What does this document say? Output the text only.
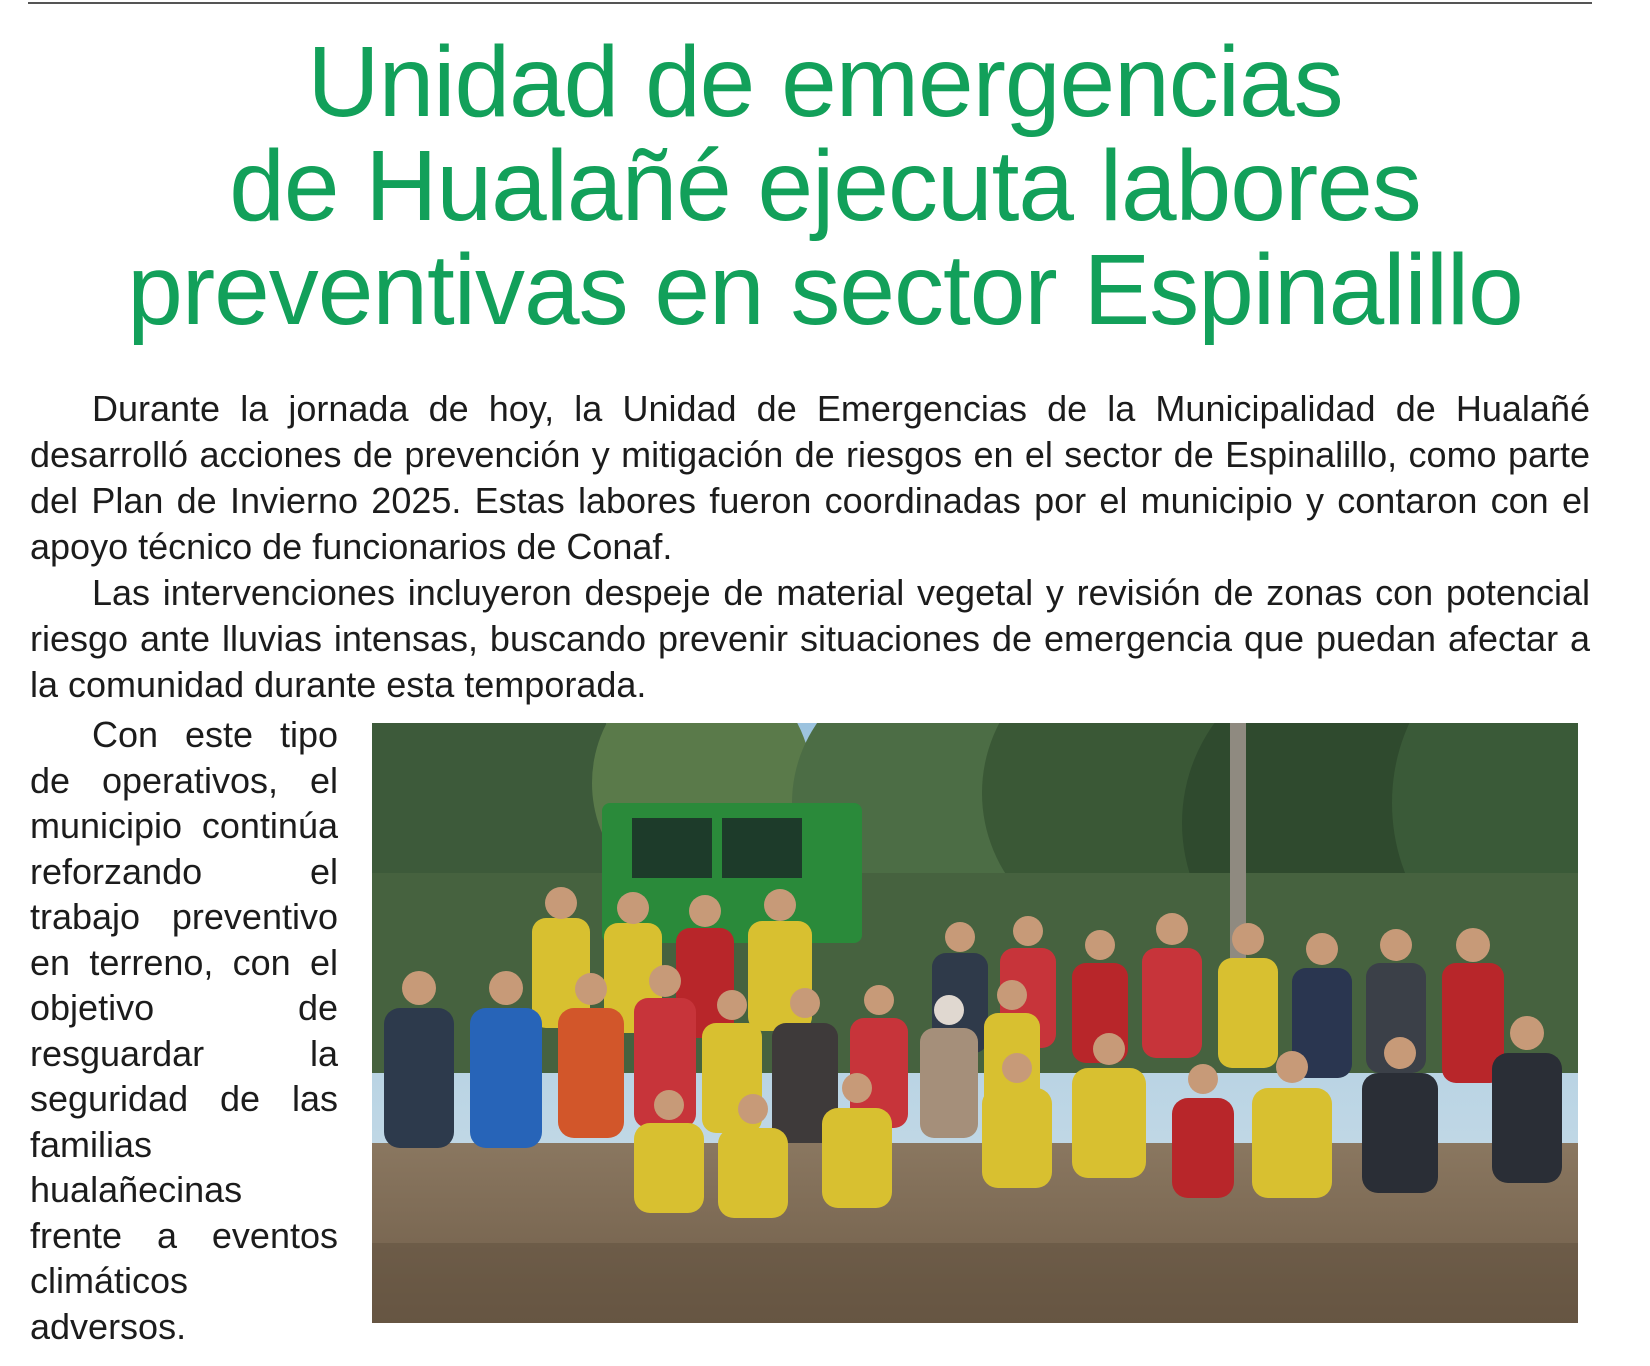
Unidad de emergencias
de Hualañé ejecuta labores
preventivas en sector Espinalillo

Durante la jornada de hoy, la Unidad de Emergencias de la Municipalidad de Hualañé desarrolló acciones de prevención y mitigación de riesgos en el sector de Espinalillo, como parte del Plan de Invierno 2025. Estas labores fueron coordinadas por el municipio y contaron con el apoyo técnico de funcionarios de Conaf.

Las intervenciones incluyeron despeje de material vegetal y revisión de zonas con potencial riesgo ante lluvias intensas, buscando prevenir situaciones de emergencia que puedan afectar a la comunidad durante esta temporada.

Con este tipo de operativos, el municipio continúa reforzando el trabajo preventivo en terreno, con el objetivo de resguardar la seguridad de las familias hualañecinas frente a eventos climáticos adversos.
